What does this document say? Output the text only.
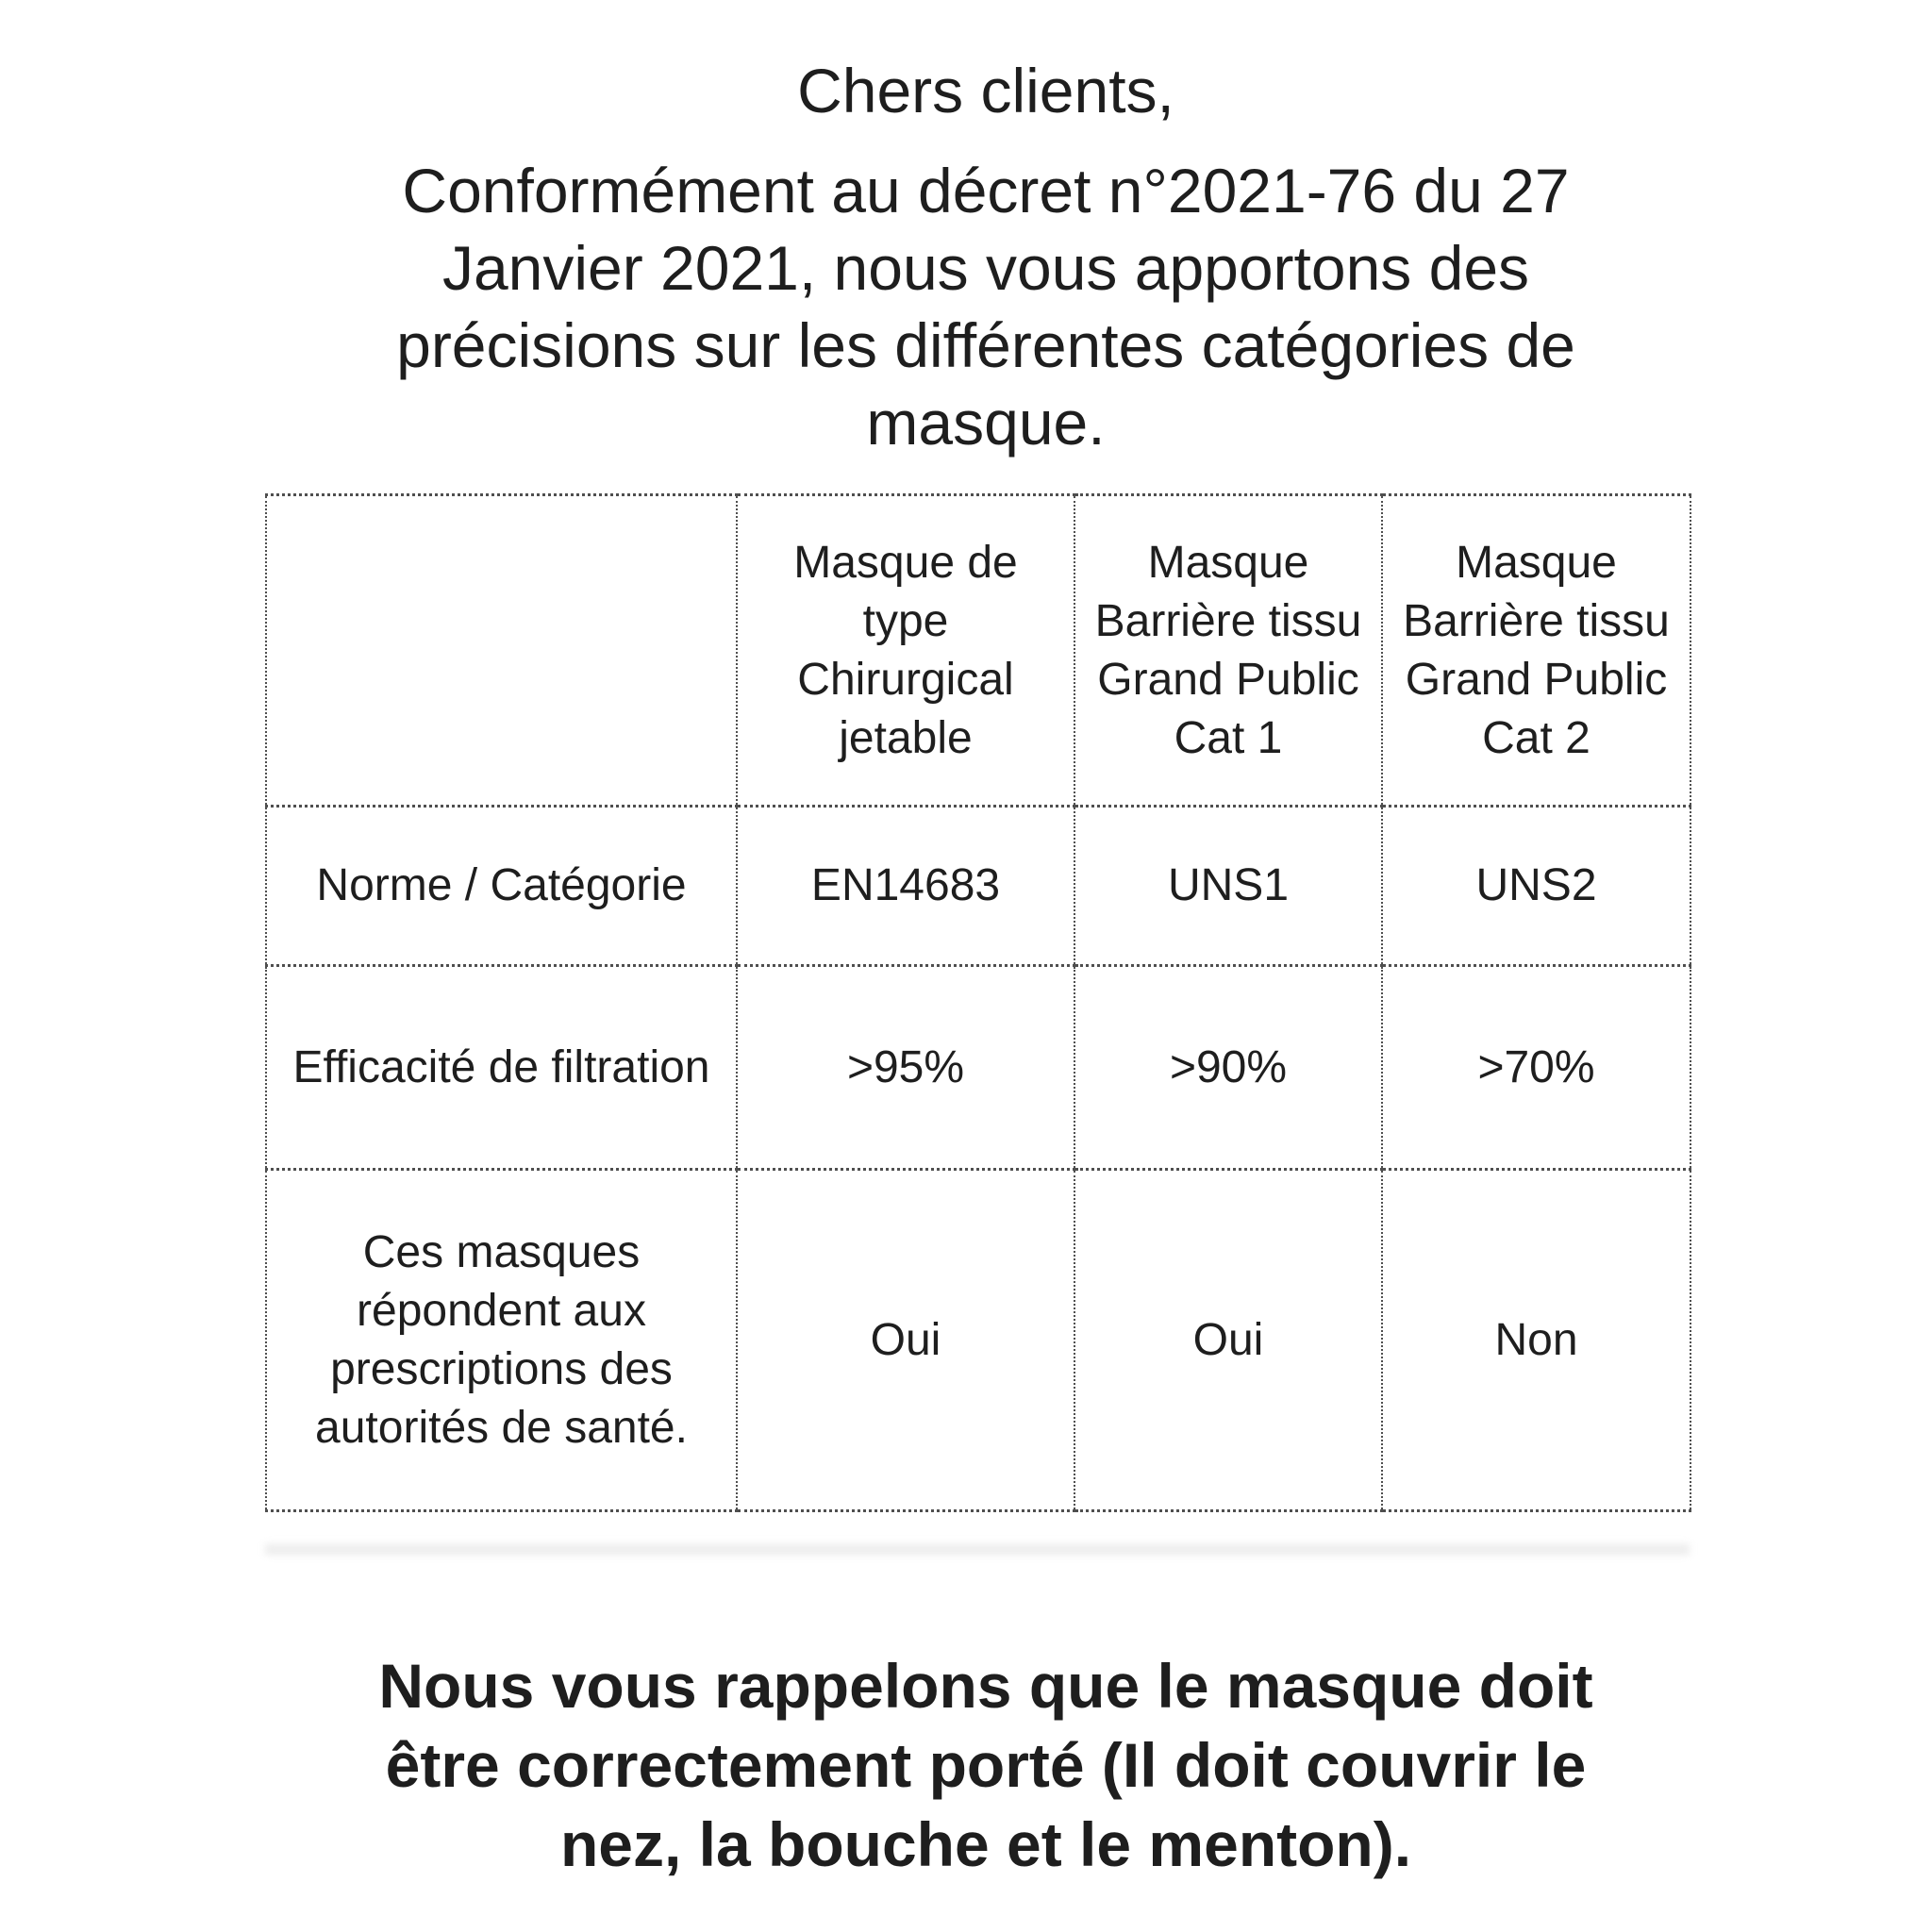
Chers clients,
Conformément au décret n°2021-76 du 27
Janvier 2021, nous vous apportons des
précisions sur les différentes catégories de
masque.
	Masque de type Chirurgical jetable	Masque Barrière tissu Grand Public Cat 1	Masque Barrière tissu Grand Public Cat 2
Norme / Catégorie	EN14683	UNS1	UNS2
Efficacité de filtration	>95%	>90%	>70%
Ces masques répondent aux prescriptions des autorités de santé.	Oui	Oui	Non
Nous vous rappelons que le masque doit
être correctement porté (Il doit couvrir le
nez, la bouche et le menton).
